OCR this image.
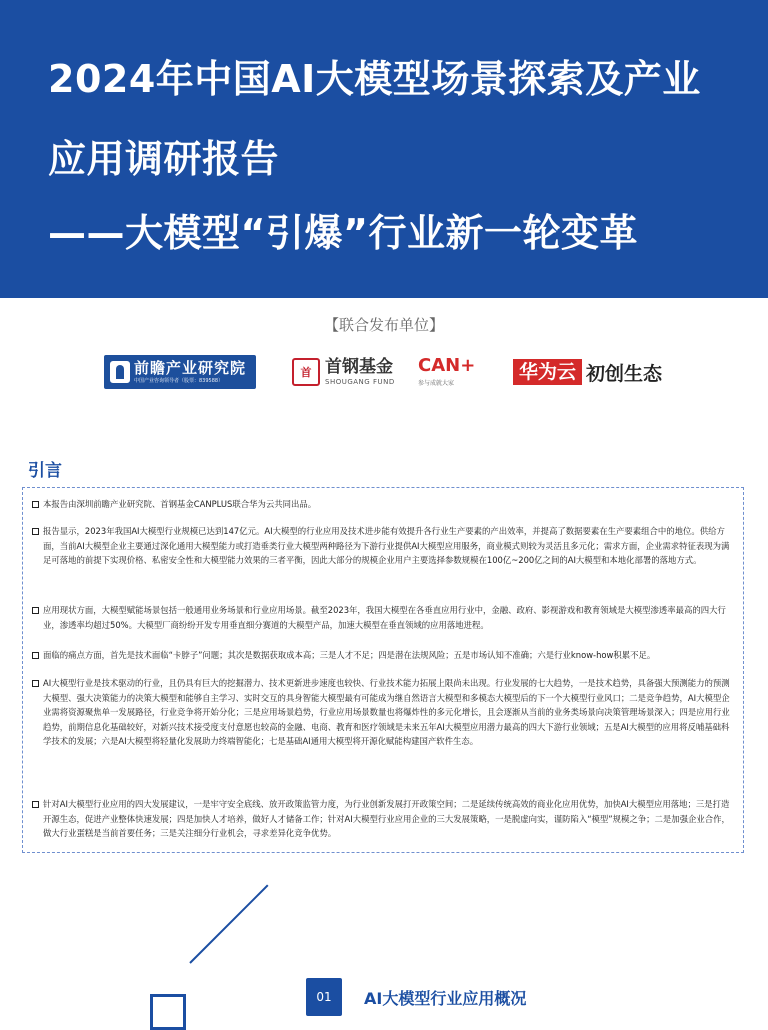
2024年中国AI大模型场景探索及产业
应用调研报告
——大模型“引爆”行业新一轮变革
【联合发布单位】
前瞻产业研究院
中国产业咨询领导者（股票：839588）
首 首钢基金
SHOUGANG FUND
CAN+
参与成就大家
华为云 初创生态
引言
本报告由深圳前瞻产业研究院、首钢基金CANPLUS联合华为云共同出品。
报告显示，2023年我国AI大模型行业规模已达到147亿元。AI大模型的行业应用及技术进步能有效提升各行业生产要素的产出效率，并提高了数据要素在生产要素组合中的地位。供给方面，当前AI大模型企业主要通过深化通用大模型能力或打造垂类行业大模型两种路径为下游行业提供AI大模型应用服务，商业模式则较为灵活且多元化；需求方面，企业需求特征表现为满足可落地的前提下实现价格、私密安全性和大模型能力效果的三者平衡，因此大部分的规模企业用户主要选择参数规模在100亿~200亿之间的AI大模型和本地化部署的落地方式。
应用现状方面，大模型赋能场景包括一般通用业务场景和行业应用场景。截至2023年，我国大模型在各垂直应用行业中，金融、政府、影视游戏和教育领域是大模型渗透率最高的四大行业，渗透率均超过50%。大模型厂商纷纷开发专用垂直细分赛道的大模型产品，加速大模型在垂直领域的应用落地进程。
面临的痛点方面，首先是技术面临“卡脖子”问题；其次是数据获取成本高；三是人才不足；四是潜在法规风险；五是市场认知不准确；六是行业know-how积累不足。
AI大模型行业是技术驱动的行业，且仍具有巨大的挖掘潜力、技术更新进步速度也较快、行业技术能力拓展上限尚未出现。行业发展的七大趋势，一是技术趋势，具备强大预测能力的预测大模型、强大决策能力的决策大模型和能够自主学习、实时交互的具身智能大模型最有可能成为继自然语言大模型和多模态大模型后的下一个大模型行业风口；二是竞争趋势，AI大模型企业需将资源聚焦单一发展路径，行业竞争将开始分化；三是应用场景趋势，行业应用场景数量也将爆炸性的多元化增长，且会逐渐从当前的业务类场景向决策管理场景深入；四是应用行业趋势，前期信息化基础较好，对新兴技术接受度支付意愿也较高的金融、电商、教育和医疗领域是未来五年AI大模型应用潜力最高的四大下游行业领域；五是AI大模型的应用将反哺基础科学技术的发展；六是AI大模型将轻量化发展助力终端智能化；七是基础AI通用大模型将开源化赋能构建国产软件生态。
针对AI大模型行业应用的四大发展建议，一是牢守安全底线、放开政策监管力度，为行业创新发展打开政策空间；二是延续传统高效的商业化应用优势，加快AI大模型应用落地；三是打造开源生态，促进产业整体快速发展；四是加快人才培养，做好人才储备工作；针对AI大模型行业应用企业的三大发展策略，一是脱虚向实，谨防陷入“模型”规模之争；二是加强企业合作，做大行业蛋糕是当前首要任务；三是关注细分行业机会，寻求差异化竞争优势。
01	AI大模型行业应用概况
